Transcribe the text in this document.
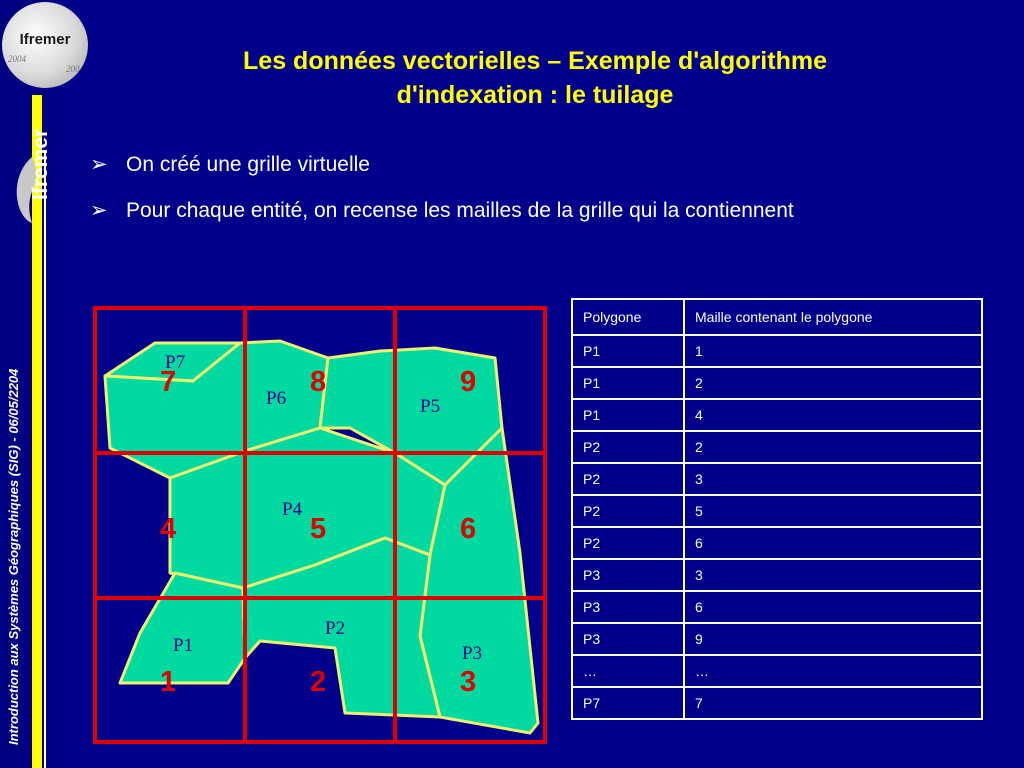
2004
2004
Ifremer
Ifremer
Introduction aux Systèmes Géographiques (SIG) - 06/05/2204
Les données vectorielles – Exemple d'algorithme
d'indexation : le tuilage
➢ On créé une grille virtuelle
➢ Pour chaque entité, on recense les mailles de la grille qui la contiennent
1	2	3
4	5	6
7	8	9
P1
P2
P3
P4
P5
P6
P7
Polygone	Maille contenant le polygone
P1	1
P1	2
P1	4
P2	2
P2	3
P2	5
P2	6
P3	3
P3	6
P3	9
…	…
P7	7
